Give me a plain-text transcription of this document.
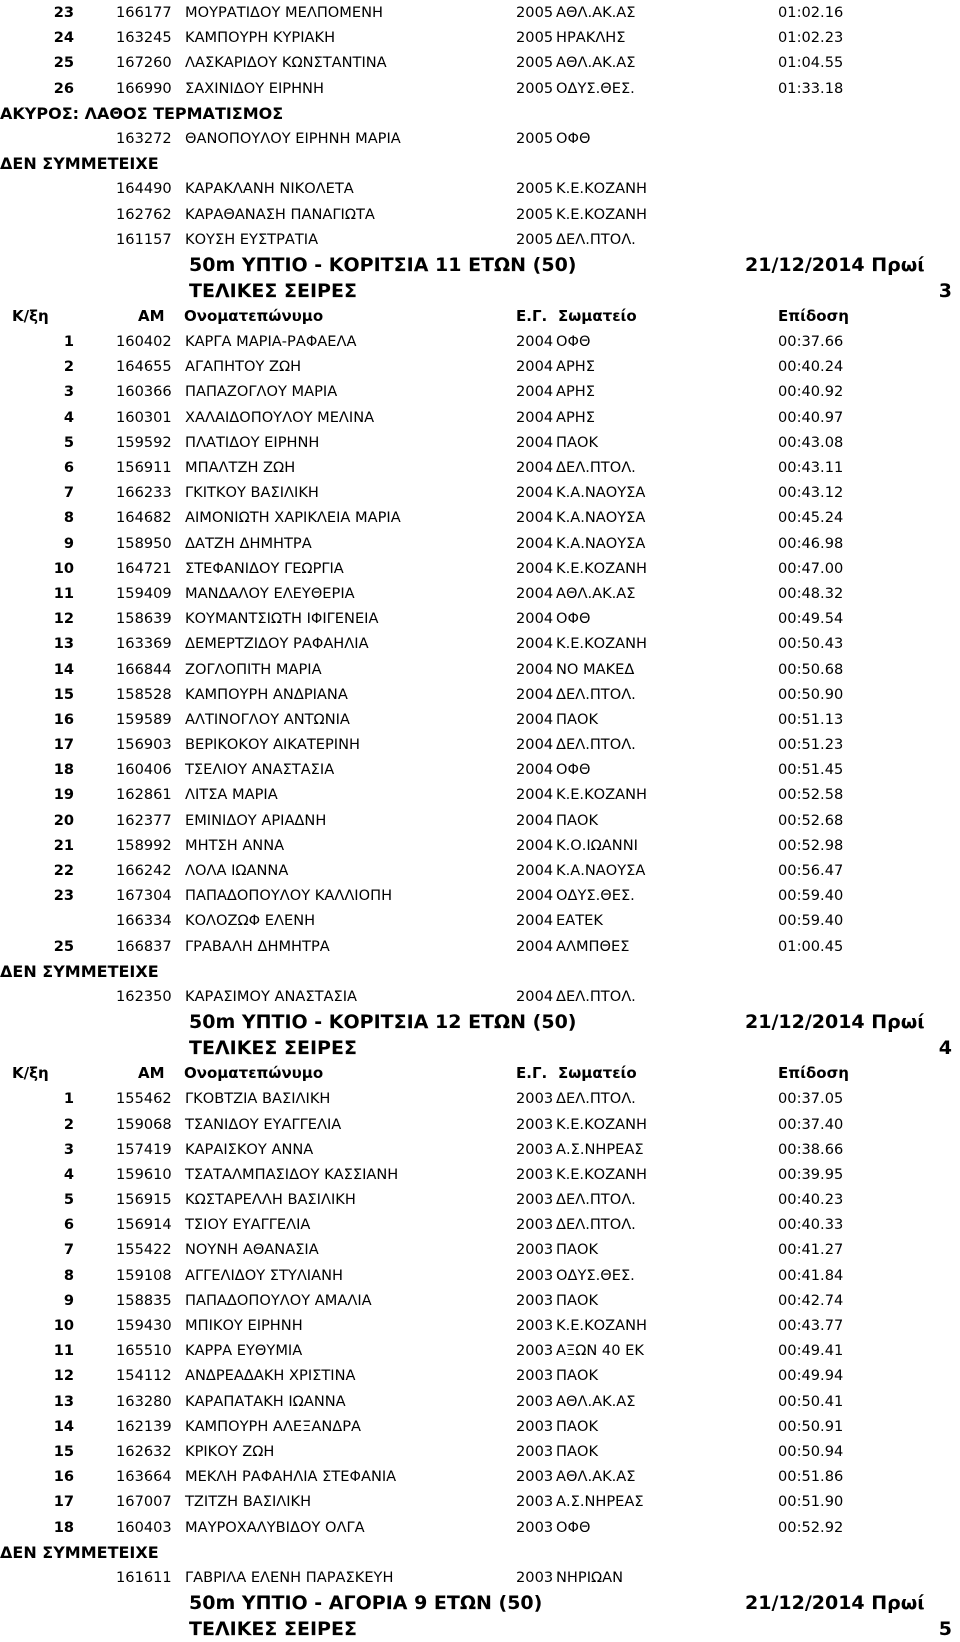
23	166177 ΜΟΥΡΑΤΙΔΟΥ ΜΕΛΠΟΜΕΝΗ	2005 ΑΘΛ.ΑΚ.ΑΣ	01:02.16
24	163245 ΚΑΜΠΟΥΡΗ ΚΥΡΙΑΚΗ	2005 ΗΡΑΚΛΗΣ	01:02.23
25	167260 ΛΑΣΚΑΡΙΔΟΥ ΚΩΝΣΤΑΝΤΙΝΑ	2005 ΑΘΛ.ΑΚ.ΑΣ	01:04.55
26	166990 ΣΑΧΙΝΙΔΟΥ ΕΙΡΗΝΗ	2005 ΟΔΥΣ.ΘΕΣ.	01:33.18
ΑΚΥΡΟΣ: ΛΑΘΟΣ ΤΕΡΜΑΤΙΣΜΟΣ
163272 ΘΑΝΟΠΟΥΛΟΥ ΕΙΡΗΝΗ ΜΑΡΙΑ	2005 ΟΦΘ
ΔΕΝ ΣΥΜΜΕΤΕΙΧΕ
164490 ΚΑΡΑΚΛΑΝΗ ΝΙΚΟΛΕΤΑ	2005 Κ.Ε.ΚΟΖΑΝΗ
162762 ΚΑΡΑΘΑΝΑΣΗ ΠΑΝΑΓΙΩΤΑ	2005 Κ.Ε.ΚΟΖΑΝΗ
161157 ΚΟΥΣΗ ΕΥΣΤΡΑΤΙΑ	2005 ΔΕΛ.ΠΤΟΛ.
50m ΥΠΤΙΟ - ΚΟΡΙΤΣΙΑ 11 ΕΤΩΝ (50)	21/12/2014 Πρωί
ΤΕΛΙΚΕΣ ΣΕΙΡΕΣ	3
Κ/ξη	ΑΜ Ονοματεπώνυμο	Ε.Γ. Σωματείο	Επίδοση
1	160402 ΚΑΡΓΑ ΜΑΡΙΑ-ΡΑΦΑΕΛΑ	2004 ΟΦΘ	00:37.66
2	164655 ΑΓΑΠΗΤΟΥ ΖΩΗ	2004 ΑΡΗΣ	00:40.24
3	160366 ΠΑΠΑΖΟΓΛΟΥ ΜΑΡΙΑ	2004 ΑΡΗΣ	00:40.92
4	160301 ΧΑΛΑΙΔΟΠΟΥΛΟΥ ΜΕΛΙΝΑ	2004 ΑΡΗΣ	00:40.97
5	159592 ΠΛΑΤΙΔΟΥ ΕΙΡΗΝΗ	2004 ΠΑΟΚ	00:43.08
6	156911 ΜΠΑΛΤΖΗ ΖΩΗ	2004 ΔΕΛ.ΠΤΟΛ.	00:43.11
7	166233 ΓΚΙΤΚΟΥ ΒΑΣΙΛΙΚΗ	2004 Κ.Α.ΝΑΟΥΣΑ	00:43.12
8	164682 ΑΙΜΟΝΙΩΤΗ ΧΑΡΙΚΛΕΙΑ ΜΑΡΙΑ	2004 Κ.Α.ΝΑΟΥΣΑ	00:45.24
9	158950 ΔΑΤΖΗ ΔΗΜΗΤΡΑ	2004 Κ.Α.ΝΑΟΥΣΑ	00:46.98
10	164721 ΣΤΕΦΑΝΙΔΟΥ ΓΕΩΡΓΙΑ	2004 Κ.Ε.ΚΟΖΑΝΗ	00:47.00
11	159409 ΜΑΝΔΑΛΟΥ ΕΛΕΥΘΕΡΙΑ	2004 ΑΘΛ.ΑΚ.ΑΣ	00:48.32
12	158639 ΚΟΥΜΑΝΤΣΙΩΤΗ ΙΦΙΓΕΝΕΙΑ	2004 ΟΦΘ	00:49.54
13	163369 ΔΕΜΕΡΤΖΙΔΟΥ ΡΑΦΑΗΛΙΑ	2004 Κ.Ε.ΚΟΖΑΝΗ	00:50.43
14	166844 ΖΟΓΛΟΠΙΤΗ ΜΑΡΙΑ	2004 ΝΟ ΜΑΚΕΔ	00:50.68
15	158528 ΚΑΜΠΟΥΡΗ ΑΝΔΡΙΑΝΑ	2004 ΔΕΛ.ΠΤΟΛ.	00:50.90
16	159589 ΑΛΤΙΝΟΓΛΟΥ ΑΝΤΩΝΙΑ	2004 ΠΑΟΚ	00:51.13
17	156903 ΒΕΡΙΚΟΚΟΥ ΑΙΚΑΤΕΡΙΝΗ	2004 ΔΕΛ.ΠΤΟΛ.	00:51.23
18	160406 ΤΣΕΛΙΟΥ ΑΝΑΣΤΑΣΙΑ	2004 ΟΦΘ	00:51.45
19	162861 ΛΙΤΣΑ ΜΑΡΙΑ	2004 Κ.Ε.ΚΟΖΑΝΗ	00:52.58
20	162377 ΕΜΙΝΙΔΟΥ ΑΡΙΑΔΝΗ	2004 ΠΑΟΚ	00:52.68
21	158992 ΜΗΤΣΗ ΑΝΝΑ	2004 Κ.Ο.ΙΩΑΝΝΙ	00:52.98
22	166242 ΛΟΛΑ ΙΩΑΝΝΑ	2004 Κ.Α.ΝΑΟΥΣΑ	00:56.47
23	167304 ΠΑΠΑΔΟΠΟΥΛΟΥ ΚΑΛΛΙΟΠΗ	2004 ΟΔΥΣ.ΘΕΣ.	00:59.40
166334 ΚΟΛΟΖΩΦ ΕΛΕΝΗ	2004 ΕΑΤΕΚ	00:59.40
25	166837 ΓΡΑΒΑΛΗ ΔΗΜΗΤΡΑ	2004 ΑΛΜΠΘΕΣ	01:00.45
ΔΕΝ ΣΥΜΜΕΤΕΙΧΕ
162350 ΚΑΡΑΣΙΜΟΥ ΑΝΑΣΤΑΣΙΑ	2004 ΔΕΛ.ΠΤΟΛ.
50m ΥΠΤΙΟ - ΚΟΡΙΤΣΙΑ 12 ΕΤΩΝ (50)	21/12/2014 Πρωί
ΤΕΛΙΚΕΣ ΣΕΙΡΕΣ	4
Κ/ξη	ΑΜ Ονοματεπώνυμο	Ε.Γ. Σωματείο	Επίδοση
1	155462 ΓΚΟΒΤΖΙΑ ΒΑΣΙΛΙΚΗ	2003 ΔΕΛ.ΠΤΟΛ.	00:37.05
2	159068 ΤΣΑΝΙΔΟΥ ΕΥΑΓΓΕΛΙΑ	2003 Κ.Ε.ΚΟΖΑΝΗ	00:37.40
3	157419 ΚΑΡΑΙΣΚΟΥ ΑΝΝΑ	2003 Α.Σ.ΝΗΡΕΑΣ	00:38.66
4	159610 ΤΣΑΤΑΛΜΠΑΣΙΔΟΥ ΚΑΣΣΙΑΝΗ	2003 Κ.Ε.ΚΟΖΑΝΗ	00:39.95
5	156915 ΚΩΣΤΑΡΕΛΛΗ ΒΑΣΙΛΙΚΗ	2003 ΔΕΛ.ΠΤΟΛ.	00:40.23
6	156914 ΤΣΙΟΥ ΕΥΑΓΓΕΛΙΑ	2003 ΔΕΛ.ΠΤΟΛ.	00:40.33
7	155422 ΝΟΥΝΗ ΑΘΑΝΑΣΙΑ	2003 ΠΑΟΚ	00:41.27
8	159108 ΑΓΓΕΛΙΔΟΥ ΣΤΥΛΙΑΝΗ	2003 ΟΔΥΣ.ΘΕΣ.	00:41.84
9	158835 ΠΑΠΑΔΟΠΟΥΛΟΥ ΑΜΑΛΙΑ	2003 ΠΑΟΚ	00:42.74
10	159430 ΜΠΙΚΟΥ ΕΙΡΗΝΗ	2003 Κ.Ε.ΚΟΖΑΝΗ	00:43.77
11	165510 ΚΑΡΡΑ ΕΥΘΥΜΙΑ	2003 ΑΞΩΝ 40 ΕΚ	00:49.41
12	154112 ΑΝΔΡΕΑΔΑΚΗ ΧΡΙΣΤΙΝΑ	2003 ΠΑΟΚ	00:49.94
13	163280 ΚΑΡΑΠΑΤΑΚΗ ΙΩΑΝΝΑ	2003 ΑΘΛ.ΑΚ.ΑΣ	00:50.41
14	162139 ΚΑΜΠΟΥΡΗ ΑΛΕΞΑΝΔΡΑ	2003 ΠΑΟΚ	00:50.91
15	162632 ΚΡΙΚΟΥ ΖΩΗ	2003 ΠΑΟΚ	00:50.94
16	163664 ΜΕΚΛΗ ΡΑΦΑΗΛΙΑ ΣΤΕΦΑΝΙΑ	2003 ΑΘΛ.ΑΚ.ΑΣ	00:51.86
17	167007 ΤΖΙΤΖΗ ΒΑΣΙΛΙΚΗ	2003 Α.Σ.ΝΗΡΕΑΣ	00:51.90
18	160403 ΜΑΥΡΟΧΑΛΥΒΙΔΟΥ ΟΛΓΑ	2003 ΟΦΘ	00:52.92
ΔΕΝ ΣΥΜΜΕΤΕΙΧΕ
161611 ΓΑΒΡΙΛΑ ΕΛΕΝΗ ΠΑΡΑΣΚΕΥΗ	2003 ΝΗΡΙΩΑΝ
50m ΥΠΤΙΟ - ΑΓΟΡΙΑ 9 ΕΤΩΝ (50)	21/12/2014 Πρωί
ΤΕΛΙΚΕΣ ΣΕΙΡΕΣ	5
